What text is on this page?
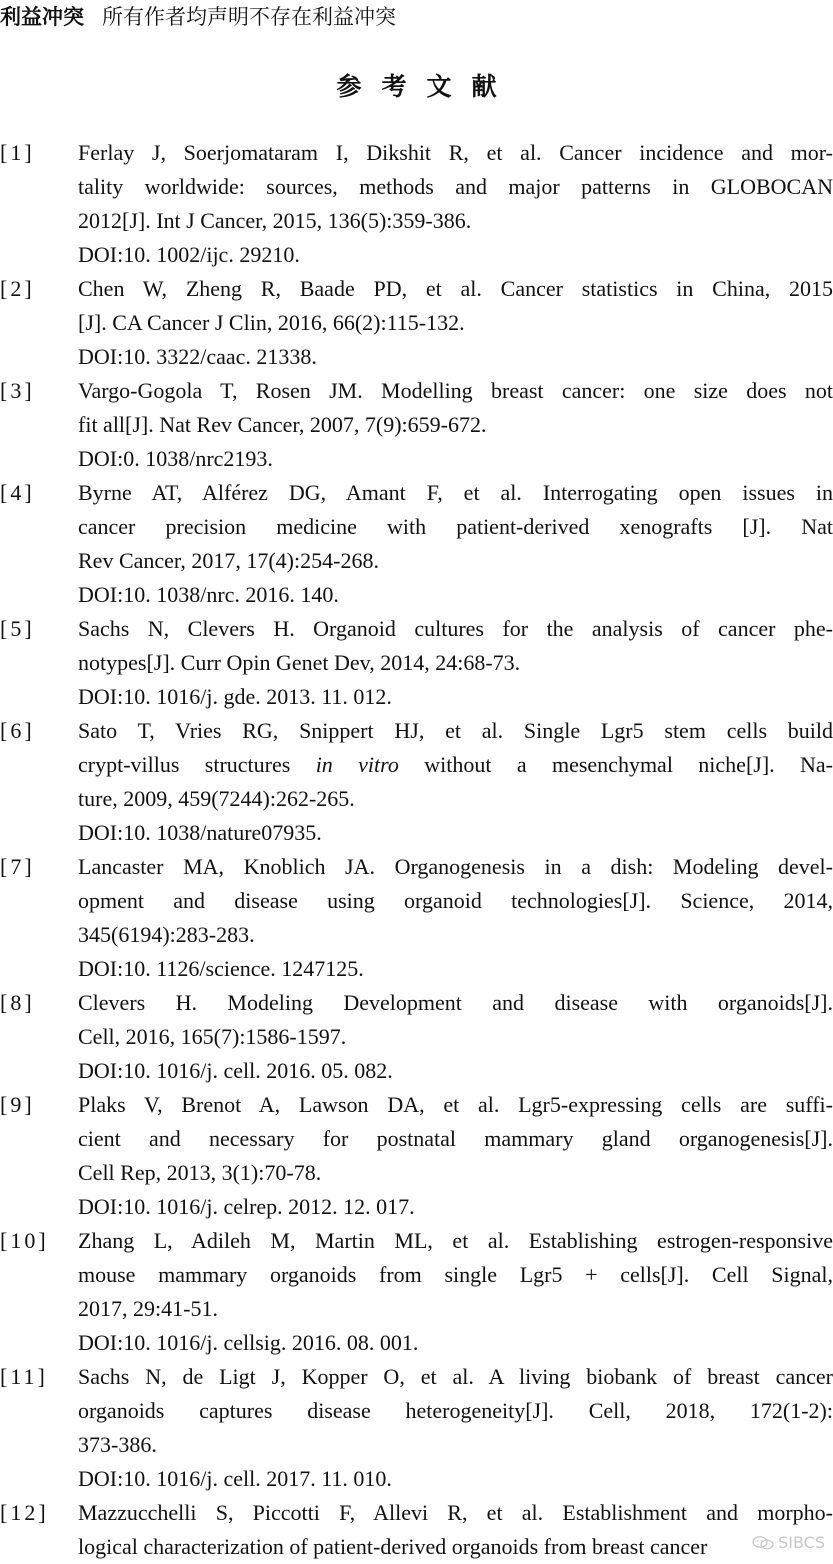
利益冲突 所有作者均声明不存在利益冲突
参考文献
[1] Ferlay J, Soerjomataram I, Dikshit R, et al. Cancer incidence and mor-
tality worldwide: sources, methods and major patterns in GLOBOCAN
2012[J]. Int J Cancer, 2015, 136(5):359-386.
DOI:10. 1002/ijc. 29210.
[2] Chen W, Zheng R, Baade PD, et al. Cancer statistics in China, 2015
[J]. CA Cancer J Clin, 2016, 66(2):115-132.
DOI:10. 3322/caac. 21338.
[3] Vargo-Gogola T, Rosen JM. Modelling breast cancer: one size does not
fit all[J]. Nat Rev Cancer, 2007, 7(9):659-672.
DOI:0. 1038/nrc2193.
[4] Byrne AT, Alférez DG, Amant F, et al. Interrogating open issues in
cancer precision medicine with patient-derived xenografts [J]. Nat
Rev Cancer, 2017, 17(4):254-268.
DOI:10. 1038/nrc. 2016. 140.
[5] Sachs N, Clevers H. Organoid cultures for the analysis of cancer phe-
notypes[J]. Curr Opin Genet Dev, 2014, 24:68-73.
DOI:10. 1016/j. gde. 2013. 11. 012.
[6] Sato T, Vries RG, Snippert HJ, et al. Single Lgr5 stem cells build
crypt-villus structures in vitro without a mesenchymal niche[J]. Na-
ture, 2009, 459(7244):262-265.
DOI:10. 1038/nature07935.
[7] Lancaster MA, Knoblich JA. Organogenesis in a dish: Modeling devel-
opment and disease using organoid technologies[J]. Science, 2014,
345(6194):283-283.
DOI:10. 1126/science. 1247125.
[8] Clevers H. Modeling Development and disease with organoids[J].
Cell, 2016, 165(7):1586-1597.
DOI:10. 1016/j. cell. 2016. 05. 082.
[9] Plaks V, Brenot A, Lawson DA, et al. Lgr5-expressing cells are suffi-
cient and necessary for postnatal mammary gland organogenesis[J].
Cell Rep, 2013, 3(1):70-78.
DOI:10. 1016/j. celrep. 2012. 12. 017.
[10] Zhang L, Adileh M, Martin ML, et al. Establishing estrogen-responsive
mouse mammary organoids from single Lgr5 + cells[J]. Cell Signal,
2017, 29:41-51.
DOI:10. 1016/j. cellsig. 2016. 08. 001.
[11] Sachs N, de Ligt J, Kopper O, et al. A living biobank of breast cancer
organoids captures disease heterogeneity[J]. Cell, 2018, 172(1-2):
373-386.
DOI:10. 1016/j. cell. 2017. 11. 010.
[12] Mazzucchelli S, Piccotti F, Allevi R, et al. Establishment and morpho-
logical characterization of patient-derived organoids from breast cancer	SIBCS
